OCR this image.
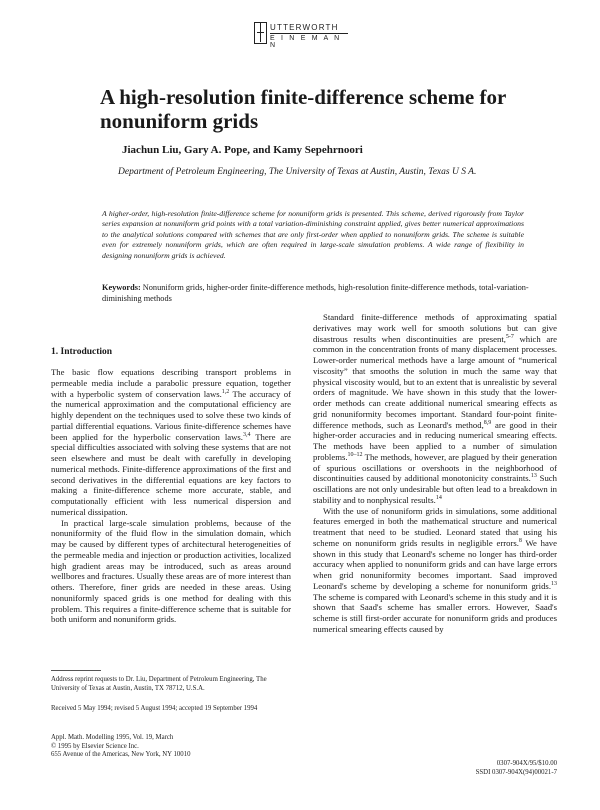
UTTERWORTH
E I N E M A N N
A high-resolution finite-difference scheme for nonuniform grids
Jiachun Liu, Gary A. Pope, and Kamy Sepehrnoori
Department of Petroleum Engineering, The University of Texas at Austin, Austin, Texas U S A.

A higher-order, high-resolution finite-difference scheme for nonuniform grids is presented. This scheme, derived rigorously from Taylor series expansion at nonuniform grid points with a total variation-diminishing constraint applied, gives better numerical approximations to the analytical solutions compared with schemes that are only first-order when applied to nonuniform grids. The scheme is suitable even for extremely nonuniform grids, which are often required in large-scale simulation problems. A wide range of flexibility in designing nonuniform grids is achieved.

Keywords: Nonuniform grids, higher-order finite-difference methods, high-resolution finite-difference methods, total-variation-diminishing methods

1. Introduction

The basic flow equations describing transport problems in permeable media include a parabolic pressure equation, together with a hyperbolic system of conservation laws.$^{1,2}$ The accuracy of the numerical approximation and the computational efficiency are highly dependent on the techniques used to solve these two kinds of partial differential equations. Various finite-difference schemes have been applied for the hyperbolic conservation laws.$^{3,4}$ There are special difficulties associated with solving these systems that are not seen elsewhere and must be dealt with carefully in developing numerical methods. Finite-difference approximations of the first and second derivatives in the differential equations are key factors to making a finite-difference scheme more accurate, stable, and computationally efficient with less numerical dispersion and numerical dissipation.

In practical large-scale simulation problems, because of the nonuniformity of the fluid flow in the simulation domain, which may be caused by different types of architectural heterogeneities of the permeable media and injection or production activities, localized high gradient areas may be introduced, such as areas around wellbores and fractures. Usually these areas are of more interest than others. Therefore, finer grids are needed in these areas. Using nonuniformly spaced grids is one method for dealing with this problem. This requires a finite-difference scheme that is suitable for both uniform and nonuniform grids.

Standard finite-difference methods of approximating spatial derivatives may work well for smooth solutions but can give disastrous results when discontinuities are present,$^{5-7}$ which are common in the concentration fronts of many displacement processes. Lower-order numerical methods have a large amount of “numerical viscosity” that smooths the solution in much the same way that physical viscosity would, but to an extent that is unrealistic by several orders of magnitude. We have shown in this study that the lower-order methods can create additional numerical smearing effects as grid nonuniformity becomes important. Standard four-point finite-difference methods, such as Leonard's method,$^{8,9}$ are good in their higher-order accuracies and in reducing numerical smearing effects. The methods have been applied to a number of simulation problems.$^{10-12}$ The methods, however, are plagued by their generation of spurious oscillations or overshoots in the neighborhood of discontinuities caused by additional monotonicity constraints.$^{13}$ Such oscillations are not only undesirable but often lead to a breakdown in stability and to nonphysical results.$^{14}$

With the use of nonuniform grids in simulations, some additional features emerged in both the mathematical structure and numerical treatment that need to be studied. Leonard stated that using his scheme on nonuniform grids results in negligible errors.$^8$ We have shown in this study that Leonard's scheme no longer has third-order accuracy when applied to nonuniform grids and can have large errors when grid nonuniformity becomes important. Saad improved Leonard's scheme by developing a scheme for nonuniform grids.$^{13}$ The scheme is compared with Leonard's scheme in this study and it is shown that Saad's scheme has smaller errors. However, Saad's scheme is still first-order accurate for nonuniform grids and produces numerical smearing effects caused by

Address reprint requests to Dr. Liu, Department of Petroleum Engineering, The University of Texas at Austin, Austin, TX 78712, U.S.A.

Received 5 May 1994; revised 5 August 1994; accepted 19 September 1994

Appl. Math. Modelling 1995, Vol. 19, March
© 1995 by Elsevier Science Inc.
655 Avenue of the Americas, New York, NY 10010
0307-904X/95/$10.00
SSDI 0307-904X(94)00021-7
